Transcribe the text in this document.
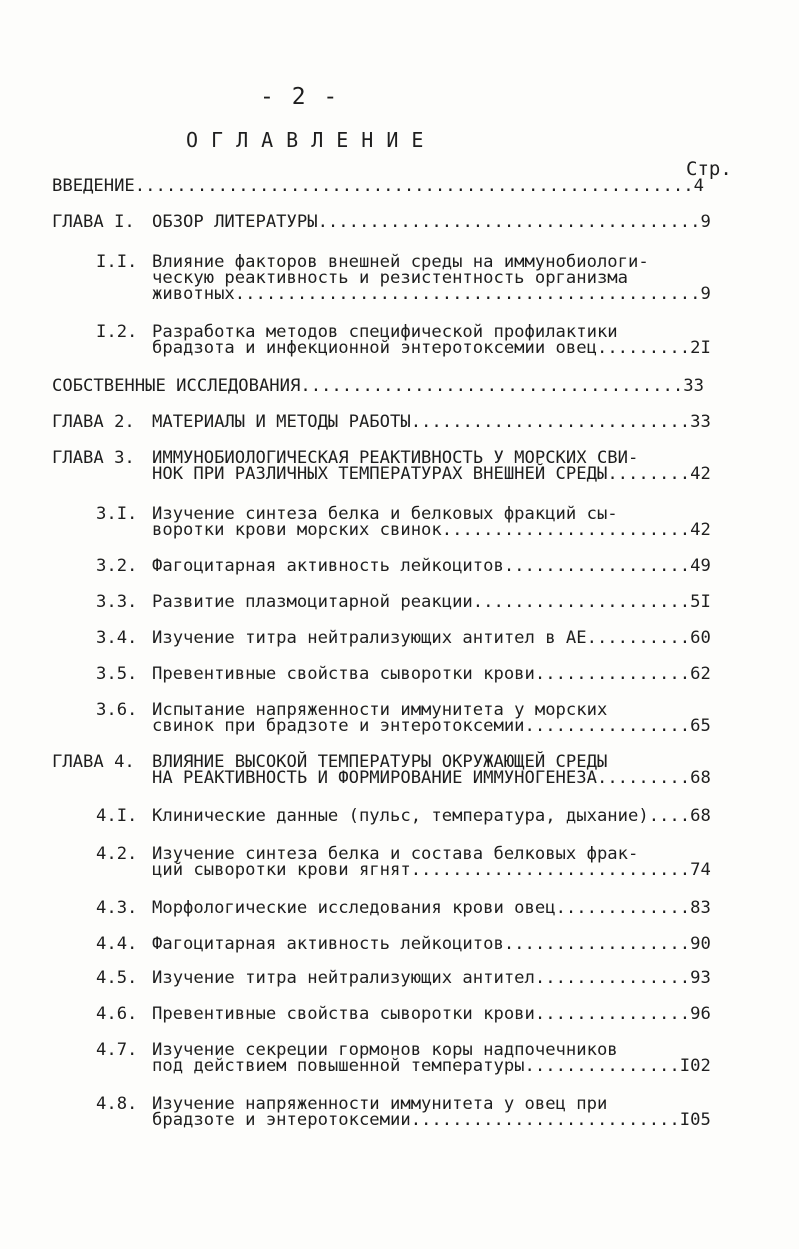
- 2 -
ОГЛАВЛЕНИЕ
Стр.
ВВЕДЕНИЕ......................................................4
ГЛАВА I. ОБЗОР ЛИТЕРАТУРЫ.....................................9
I.I. Влияние факторов внешней среды на иммунобиологи-
ческую реактивность и резистентность организма
животных.............................................9
I.2. Разработка методов специфической профилактики
брадзота и инфекционной энтеротоксемии овец.........2I
СОБСТВЕННЫЕ ИССЛЕДОВАНИЯ.....................................33
ГЛАВА 2. МАТЕРИАЛЫ И МЕТОДЫ РАБОТЫ...........................33
ГЛАВА 3. ИММУНОБИОЛОГИЧЕСКАЯ РЕАКТИВНОСТЬ У МОРСКИХ СВИ-
НОК ПРИ РАЗЛИЧНЫХ ТЕМПЕРАТУРАХ ВНЕШНЕЙ СРЕДЫ........42
3.I. Изучение синтеза белка и белковых фракций сы-
воротки крови морских свинок........................42
3.2. Фагоцитарная активность лейкоцитов..................49
3.3. Развитие плазмоцитарной реакции.....................5I
3.4. Изучение титра нейтрализующих антител в АЕ..........60
3.5. Превентивные свойства сыворотки крови...............62
3.6. Испытание напряженности иммунитета у морских
свинок при брадзоте и энтеротоксемии................65
ГЛАВА 4. ВЛИЯНИЕ ВЫСОКОЙ ТЕМПЕРАТУРЫ ОКРУЖАЮЩЕЙ СРЕДЫ
НА РЕАКТИВНОСТЬ И ФОРМИРОВАНИЕ ИММУНОГЕНЕЗА.........68
4.I. Клинические данные (пульс, температура, дыхание)....68
4.2. Изучение синтеза белка и состава белковых фрак-
ций сыворотки крови ягнят...........................74
4.3. Морфологические исследования крови овец.............83
4.4. Фагоцитарная активность лейкоцитов..................90
4.5. Изучение титра нейтрализующих антител...............93
4.6. Превентивные свойства сыворотки крови...............96
4.7. Изучение секреции гормонов коры надпочечников
под действием повышенной температуры...............I02
4.8. Изучение напряженности иммунитета у овец при
брадзоте и энтеротоксемии..........................I05
